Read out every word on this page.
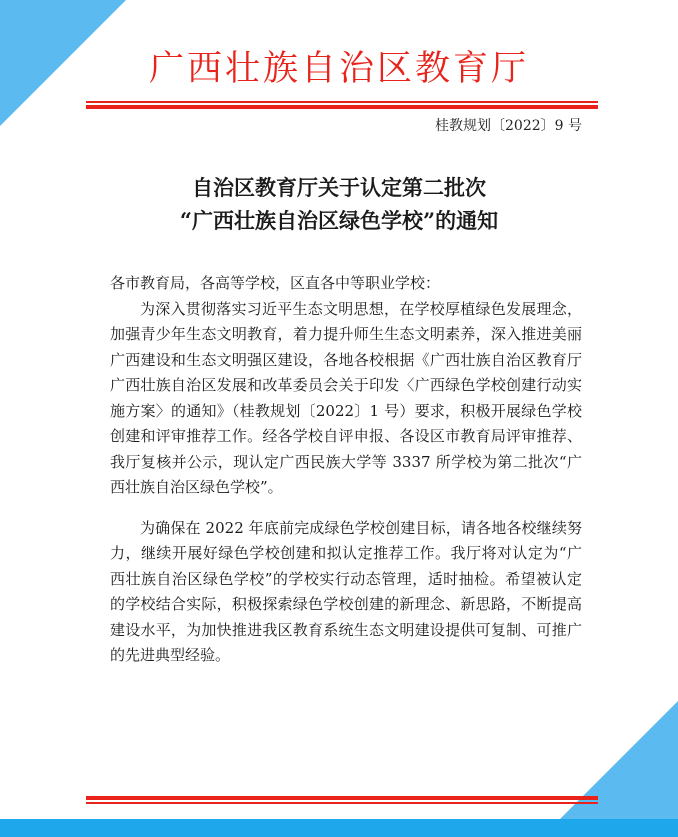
广西壮族自治区教育厅
桂教规划〔2022〕9 号
自治区教育厅关于认定第二批次
“广西壮族自治区绿色学校”的通知

各市教育局，各高等学校，区直各中等职业学校：

为深入贯彻落实习近平生态文明思想，在学校厚植绿色发展理念，加强青少年生态文明教育，着力提升师生生态文明素养，深入推进美丽广西建设和生态文明强区建设，各地各校根据《广西壮族自治区教育厅 广西壮族自治区发展和改革委员会关于印发〈广西绿色学校创建行动实施方案〉的通知》（桂教规划〔2022〕1 号）要求，积极开展绿色学校创建和评审推荐工作。经各学校自评申报、各设区市教育局评审推荐、我厅复核并公示，现认定广西民族大学等 3337 所学校为第二批次“广西壮族自治区绿色学校”。

为确保在 2022 年底前完成绿色学校创建目标，请各地各校继续努力，继续开展好绿色学校创建和拟认定推荐工作。我厅将对认定为“广西壮族自治区绿色学校”的学校实行动态管理，适时抽检。希望被认定的学校结合实际，积极探索绿色学校创建的新理念、新思路，不断提高建设水平，为加快推进我区教育系统生态文明建设提供可复制、可推广的先进典型经验。
